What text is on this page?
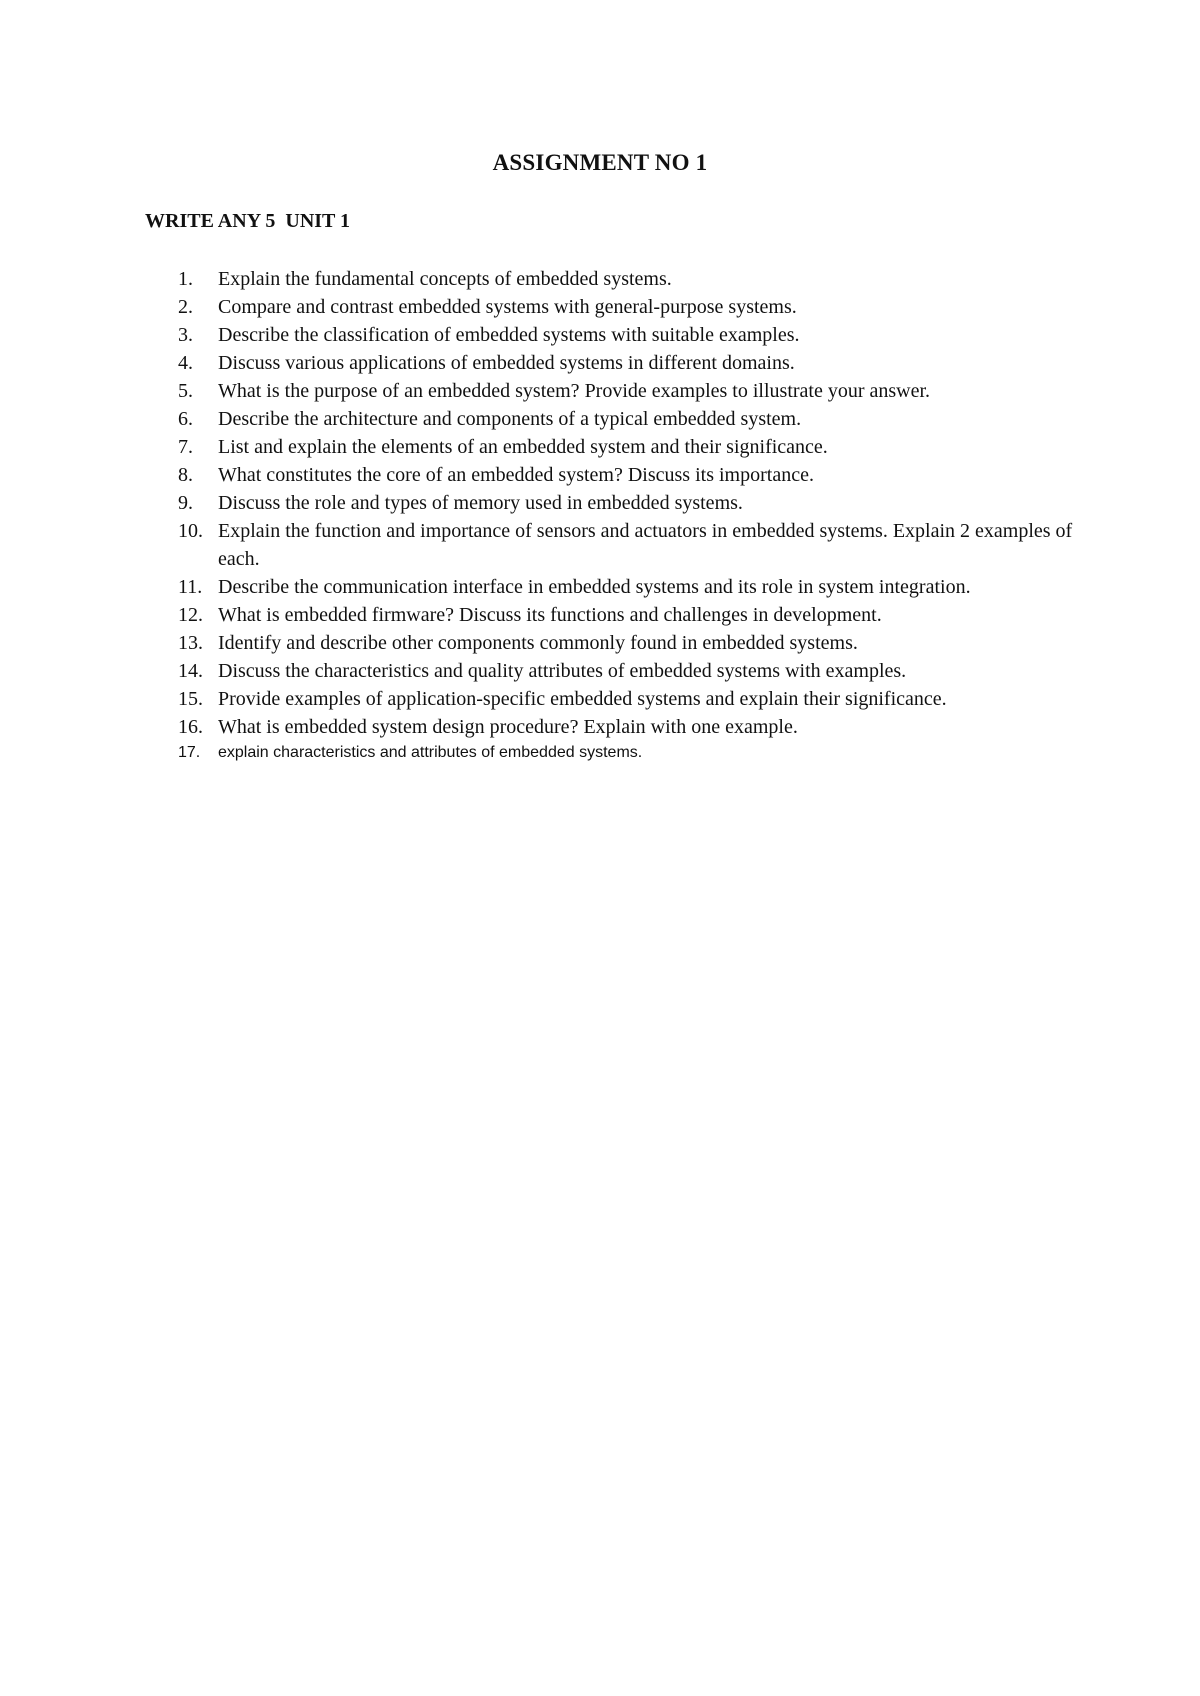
ASSIGNMENT NO 1
WRITE ANY 5  UNIT 1
1.	Explain the fundamental concepts of embedded systems.
2.	Compare and contrast embedded systems with general-purpose systems.
3.	Describe the classification of embedded systems with suitable examples.
4.	Discuss various applications of embedded systems in different domains.
5.	What is the purpose of an embedded system? Provide examples to illustrate your answer.
6.	Describe the architecture and components of a typical embedded system.
7.	List and explain the elements of an embedded system and their significance.
8.	What constitutes the core of an embedded system? Discuss its importance.
9.	Discuss the role and types of memory used in embedded systems.
10. Explain the function and importance of sensors and actuators in embedded systems. Explain 2 examples of each.
11. Describe the communication interface in embedded systems and its role in system integration.
12. What is embedded firmware? Discuss its functions and challenges in development.
13. Identify and describe other components commonly found in embedded systems.
14. Discuss the characteristics and quality attributes of embedded systems with examples.
15. Provide examples of application-specific embedded systems and explain their significance.
16. What is embedded system design procedure? Explain with one example.
17.	explain characteristics and attributes of embedded systems.
